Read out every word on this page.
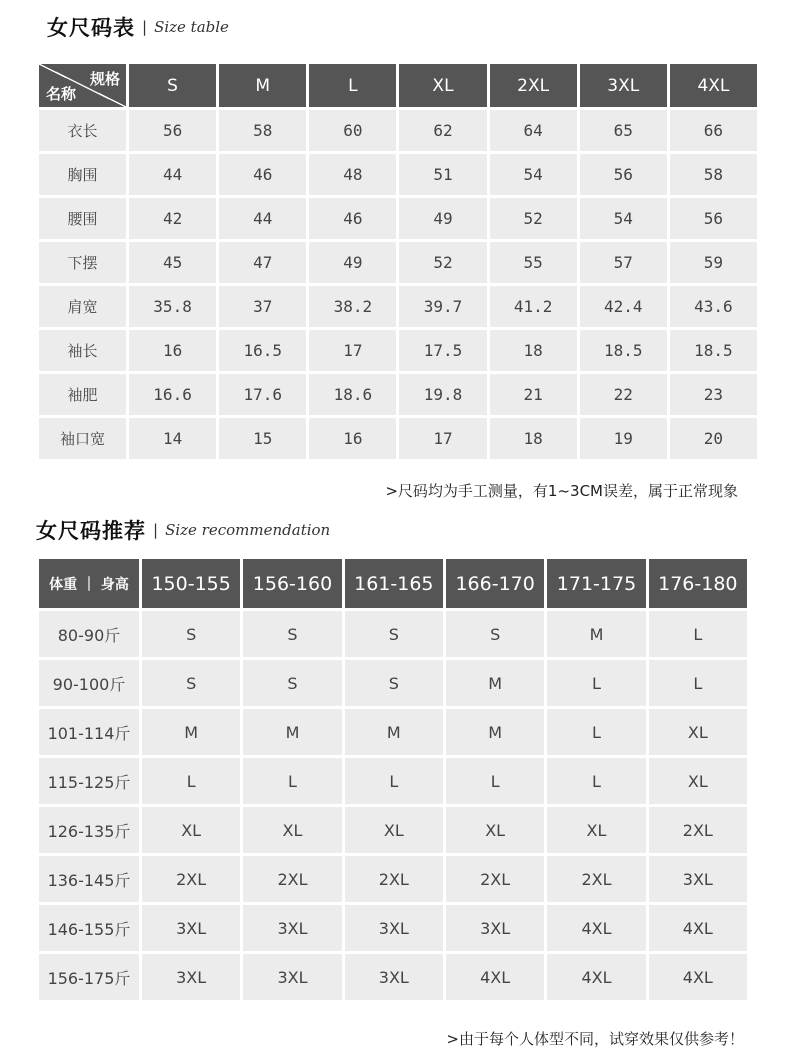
女尺码表 | Size table
规格
名称	S	M	L	XL	2XL	3XL	4XL
衣长	56	58	60	62	64	65	66
胸围	44	46	48	51	54	56	58
腰围	42	44	46	49	52	54	56
下摆	45	47	49	52	55	57	59
肩宽	35.8	37	38.2	39.7	41.2	42.4	43.6
袖长	16	16.5	17	17.5	18	18.5	18.5
袖肥	16.6	17.6	18.6	19.8	21	22	23
袖口宽	14	15	16	17	18	19	20
>尺码均为手工测量，有1~3CM误差，属于正常现象
女尺码推荐 | Size recommendation
体重 ｜ 身高	150-155	156-160	161-165	166-170	171-175	176-180
80-90斤	S	S	S	S	M	L
90-100斤	S	S	S	M	L	L
101-114斤	M	M	M	M	L	XL
115-125斤	L	L	L	L	L	XL
126-135斤	XL	XL	XL	XL	XL	2XL
136-145斤	2XL	2XL	2XL	2XL	2XL	3XL
146-155斤	3XL	3XL	3XL	3XL	4XL	4XL
156-175斤	3XL	3XL	3XL	4XL	4XL	4XL
>由于每个人体型不同，试穿效果仅供参考！
